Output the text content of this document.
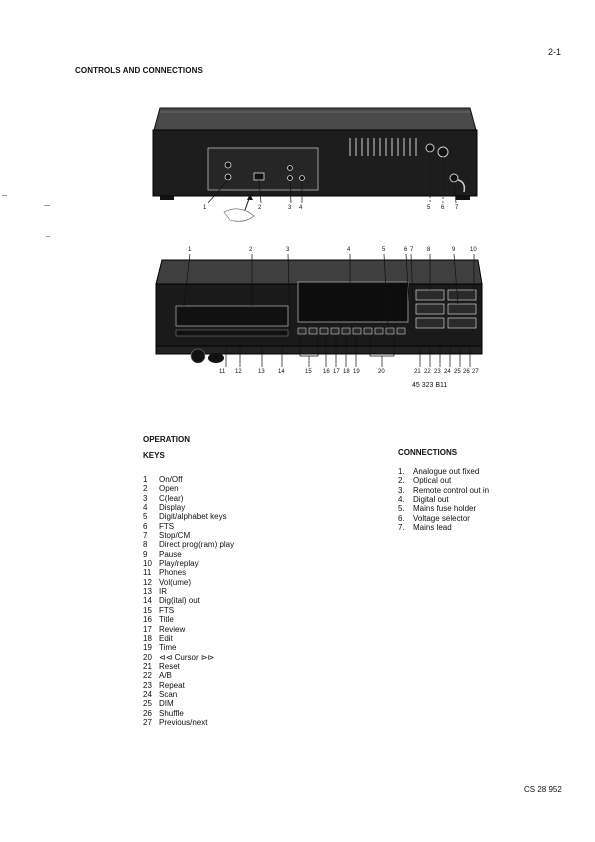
2-1
CONTROLS AND CONNECTIONS
1	2	3 4	5 6 7
1	2	3	4	5	6 7 8	9 10
11 12	13 14	15 16 17 18 19	20	21 22 23 24 25 26 27
45 323 B11
OPERATION
KEYS
1	On/Off
2	Open
3	C(lear)
4	Display
5	Digit/alphabet keys
6	FTS
7	Stop/CM
8	Direct prog(ram) play
9	Pause
10 Play/replay
11 Phones
12 Vol(ume)
13 IR
14 Dig(ital) out
15 FTS
16 Title
17 Review
18 Edit
19 Time
20 ⊲⊲ Cursor ⊳⊳
21 Reset
22 A/B
23 Repeat
24 Scan
25 DIM
26 Shuffle
27 Previous/next
CONNECTIONS
1.	Analogue out fixed
2.	Optical out
3.	Remote control out in
4.	Digital out
5.	Mains fuse holder
6.	Voltage selector
7.	Mains lead
CS 28 952
